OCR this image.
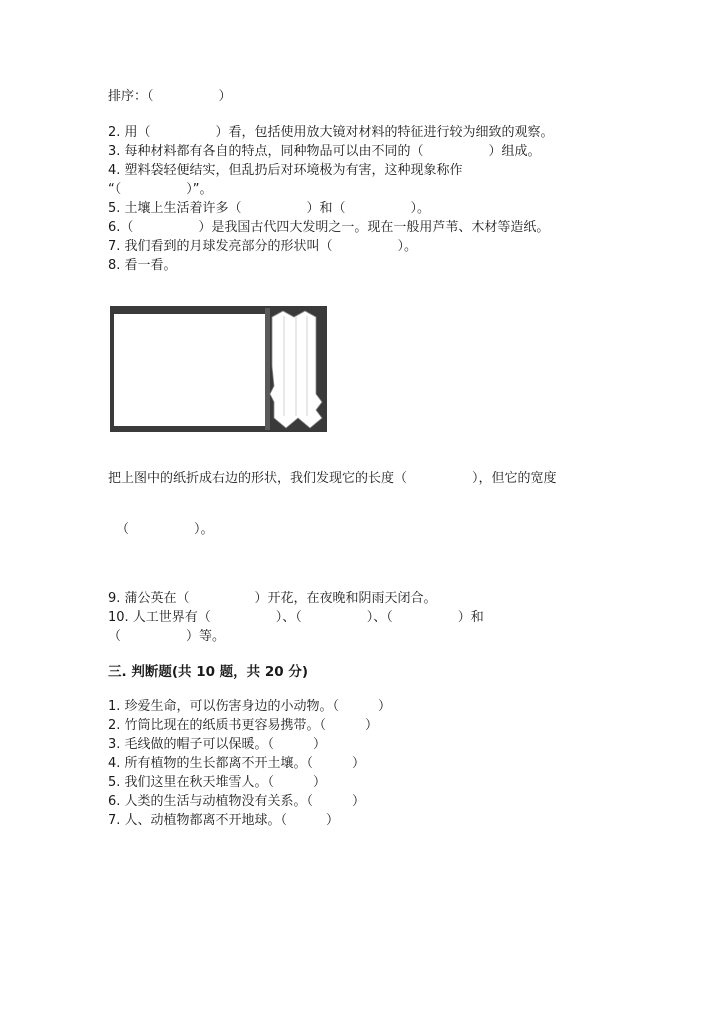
排序：（　　　　　）
2. 用（　　　　　）看，包括使用放大镜对材料的特征进行较为细致的观察。
3. 每种材料都有各自的特点，同种物品可以由不同的（　　　　　）组成。
4. 塑料袋轻便结实，但乱扔后对环境极为有害，这种现象称作
“（　　　　　）”。
5. 土壤上生活着许多（　　　　　）和（　　　　　）。
6.（　　　　　）是我国古代四大发明之一。现在一般用芦苇、木材等造纸。
7. 我们看到的月球发亮部分的形状叫（　　　　　）。
8. 看一看。
把上图中的纸折成右边的形状，我们发现它的长度（　　　　　），但它的宽度
（　　　　　）。
9. 蒲公英在（　　　　　）开花，在夜晚和阴雨天闭合。
10. 人工世界有（　　　　　）、（　　　　　）、（　　　　　）和
（　　　　　）等。
三. 判断题(共 10 题，共 20 分)
1. 珍爱生命，可以伤害身边的小动物。（　　　）
2. 竹筒比现在的纸质书更容易携带。（　　　）
3. 毛线做的帽子可以保暖。（　　　）
4. 所有植物的生长都离不开土壤。（　　　）
5. 我们这里在秋天堆雪人。（　　　）
6. 人类的生活与动植物没有关系。（　　　）
7. 人、动植物都离不开地球。（　　　）
